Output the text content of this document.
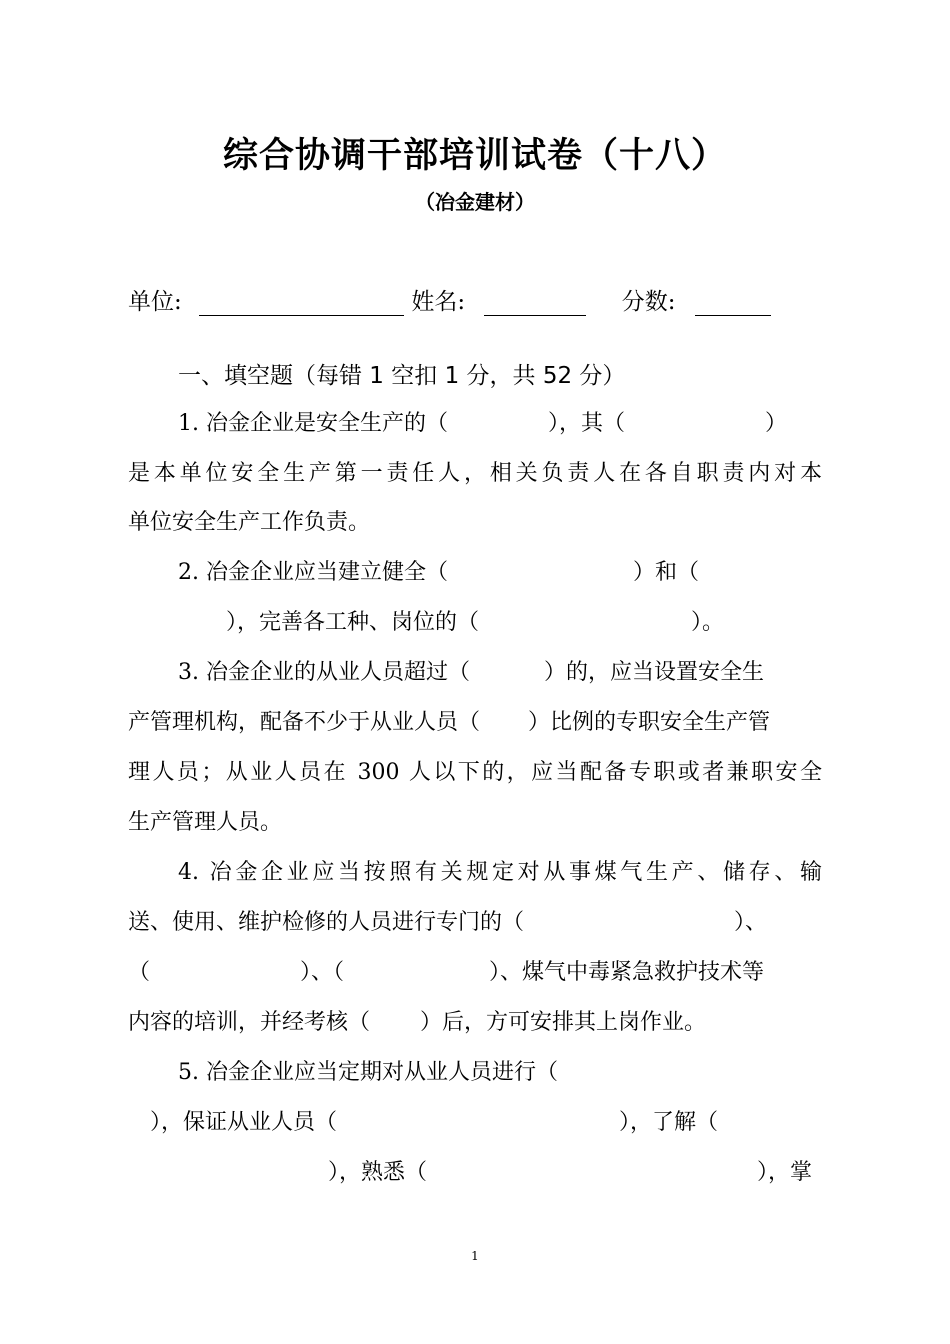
综合协调干部培训试卷（十八）
（冶金建材）
单位:	姓名:	分数:
一、填空题（每错 1 空扣 1 分，共 52 分）
1. 冶金企业是安全生产的（	），其（	）
是本单位安全生产第一责任人，相关负责人在各自职责内对本
单位安全生产工作负责。
2. 冶金企业应当建立健全（	）和（
），完善各工种、岗位的（	）。
3. 冶金企业的从业人员超过（	）的，应当设置安全生
产管理机构，配备不少于从业人员（ ）比例的专职安全生产管
理人员；从业人员在 300 人以下的，应当配备专职或者兼职安全
生产管理人员。
4. 冶金企业应当按照有关规定对从事煤气生产、储存、输
送、使用、维护检修的人员进行专门的（	）、
（	）、（	）、煤气中毒紧急救护技术等
内容的培训，并经考核（ ）后，方可安排其上岗作业。
5. 冶金企业应当定期对从业人员进行（
），保证从业人员（	），了解（
），熟悉（	），掌
1
